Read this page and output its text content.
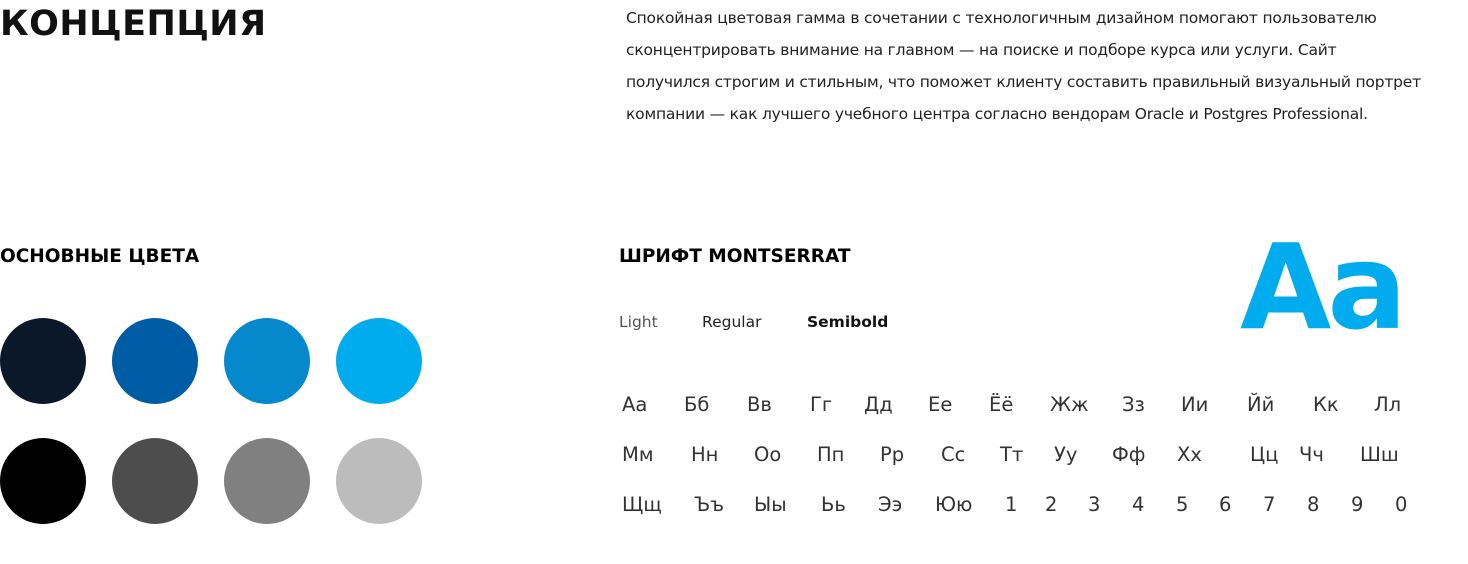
КОНЦЕПЦИЯ	Спокойная цветовая гамма в сочетании с технологичным дизайном помогают пользователю
сконцентрировать внимание на главном — на поиске и подборе курса или услуги. Сайт
получился строгим и стильным, что поможет клиенту составить правильный визуальный портрет
компании — как лучшего учебного центра согласно вендорам Oracle и Postgres Professional.

ОСНОВНЫЕ ЦВЕТА	ШРИФТ MONTSERRAT
Light	Regular	Semibold	Aa
Аа Бб Вв Гг Дд Ее Ёё Жж Зз Ии Йй Кк Лл
Мм Нн Оо Пп Рр Сс Тт Уу Фф Хх Цц Чч Шш
Щщ Ъъ Ыы Ьь Ээ Юю 1 2 3 4 5 6 7 8 9 0
